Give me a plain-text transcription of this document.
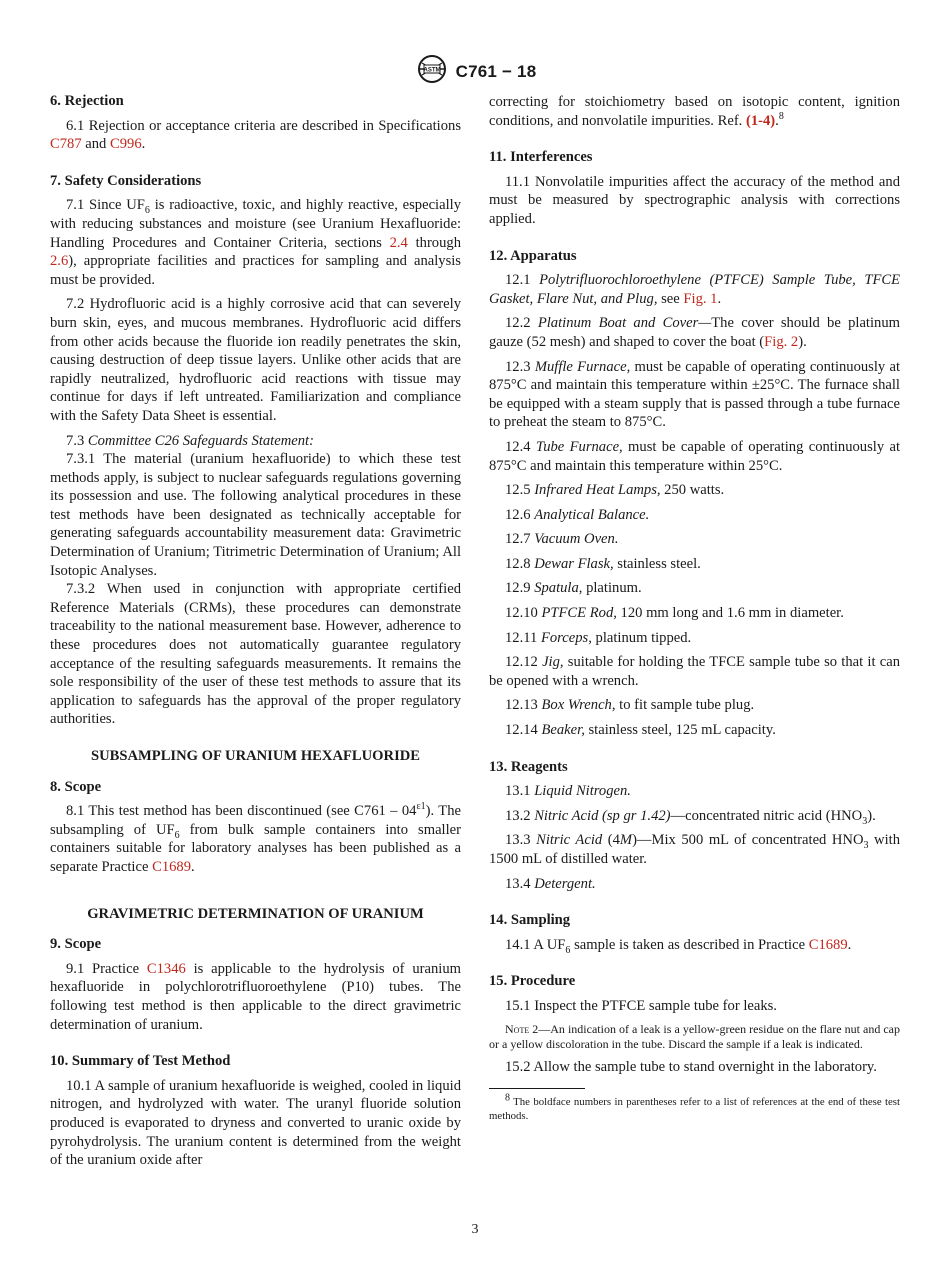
ASTM C761 − 18
6. Rejection

6.1 Rejection or acceptance criteria are described in Specifications C787 and C996.

7. Safety Considerations

7.1 Since $UF_6$ is radioactive, toxic, and highly reactive, especially with reducing substances and moisture (see Uranium Hexafluoride: Handling Procedures and Container Criteria, sections 2.4 through 2.6), appropriate facilities and practices for sampling and analysis must be provided.

7.2 Hydrofluoric acid is a highly corrosive acid that can severely burn skin, eyes, and mucous membranes. Hydrofluoric acid differs from other acids because the fluoride ion readily penetrates the skin, causing destruction of deep tissue layers. Unlike other acids that are rapidly neutralized, hydrofluoric acid reactions with tissue may continue for days if left untreated. Familiarization and compliance with the Safety Data Sheet is essential.

7.3 Committee C26 Safeguards Statement:

7.3.1 The material (uranium hexafluoride) to which these test methods apply, is subject to nuclear safeguards regulations governing its possession and use. The following analytical procedures in these test methods have been designated as technically acceptable for generating safeguards accountability measurement data: Gravimetric Determination of Uranium; Titrimetric Determination of Uranium; All Isotopic Analyses.

7.3.2 When used in conjunction with appropriate certified Reference Materials (CRMs), these procedures can demonstrate traceability to the national measurement base. However, adherence to these procedures does not automatically guarantee regulatory acceptance of the resulting safeguards measurements. It remains the sole responsibility of the user of these test methods to assure that its application to safeguards has the approval of the proper regulatory authorities.

SUBSAMPLING OF URANIUM HEXAFLUORIDE
8. Scope

8.1 This test method has been discontinued (see $C761 - 04^{\varepsilon 1}$). The subsampling of $UF_6$ from bulk sample containers into smaller containers suitable for laboratory analyses has been published as a separate Practice C1689.

GRAVIMETRIC DETERMINATION OF URANIUM
9. Scope

9.1 Practice C1346 is applicable to the hydrolysis of uranium hexafluoride in polychlorotrifluoroethylene (P10) tubes. The following test method is then applicable to the direct gravimetric determination of uranium.

10. Summary of Test Method

10.1 A sample of uranium hexafluoride is weighed, cooled in liquid nitrogen, and hydrolyzed with water. The uranyl fluoride solution produced is evaporated to dryness and converted to uranic oxide by pyrohydrolysis. The uranium content is determined from the weight of the uranium oxide after

correcting for stoichiometry based on isotopic content, ignition conditions, and nonvolatile impurities. Ref. (1-4).$^8$

11. Interferences

11.1 Nonvolatile impurities affect the accuracy of the method and must be measured by spectrographic analysis with corrections applied.

12. Apparatus

12.1 Polytrifluorochloroethylene (PTFCE) Sample Tube, TFCE Gasket, Flare Nut, and Plug, see Fig. 1.

12.2 Platinum Boat and Cover—The cover should be platinum gauze (52 mesh) and shaped to cover the boat (Fig. 2).

12.3 Muffle Furnace, must be capable of operating continuously at 875°C and maintain this temperature within ±25°C. The furnace shall be equipped with a steam supply that is passed through a tube furnace to preheat the steam to 875°C.

12.4 Tube Furnace, must be capable of operating continuously at 875°C and maintain this temperature within 25°C.

12.5 Infrared Heat Lamps, 250 watts.

12.6 Analytical Balance.

12.7 Vacuum Oven.

12.8 Dewar Flask, stainless steel.

12.9 Spatula, platinum.

12.10 PTFCE Rod, 120 mm long and 1.6 mm in diameter.

12.11 Forceps, platinum tipped.

12.12 Jig, suitable for holding the TFCE sample tube so that it can be opened with a wrench.

12.13 Box Wrench, to fit sample tube plug.

12.14 Beaker, stainless steel, 125 mL capacity.

13. Reagents

13.1 Liquid Nitrogen.

13.2 Nitric Acid (sp gr 1.42)—concentrated nitric acid $(HNO_3)$.

13.3 Nitric Acid (4M)—Mix 500 mL of concentrated $HNO_3$ with 1500 mL of distilled water.

13.4 Detergent.

14. Sampling

14.1 A $UF_6$ sample is taken as described in Practice C1689.

15. Procedure

15.1 Inspect the PTFCE sample tube for leaks.

Note 2—An indication of a leak is a yellow-green residue on the flare nut and cap or a yellow discoloration in the tube. Discard the sample if a leak is indicated.

15.2 Allow the sample tube to stand overnight in the laboratory.

$^8$ The boldface numbers in parentheses refer to a list of references at the end of these test methods.
3
